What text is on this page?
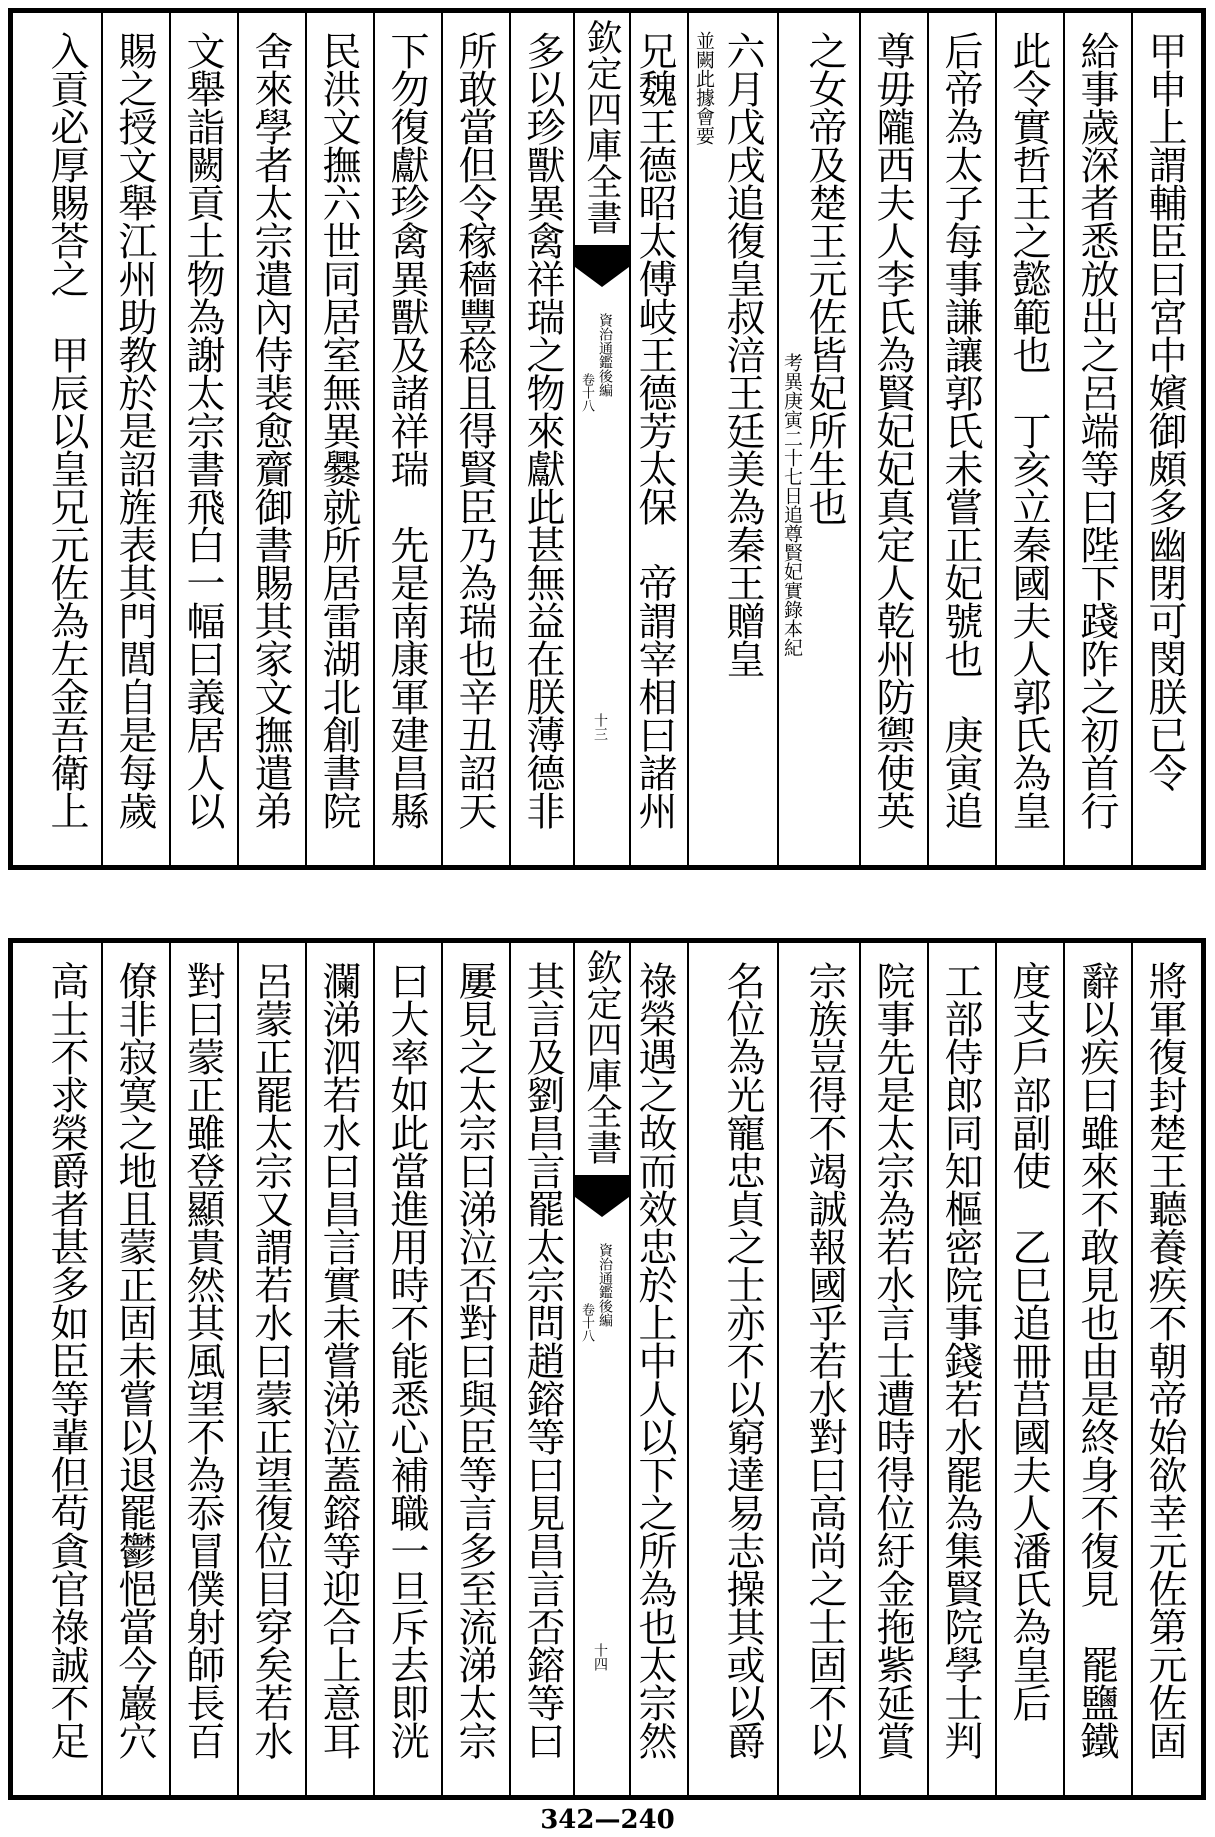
甲申上謂輔臣曰宮中嬪御頗多幽閉可閔朕已令
給事歲深者悉放出之呂端等曰陛下踐阼之初首行
此令實哲王之懿範也　丁亥立秦國夫人郭氏為皇
后帝為太子每事謙讓郭氏未嘗正妃號也　庚寅追
尊毋隴西夫人李氏為賢妃妃真定人乾州防禦使英
之女帝及楚王元佐皆妃所生也
考異庚寅二十七日追尊賢妃實錄本紀
六月戊戌追復皇叔涪王廷美為秦王贈皇
並闕此據會要
兄魏王德昭太傅岐王德芳太保　帝謂宰相曰諸州
欽定四庫全書
資治通鑑後編
卷十八
十三
多以珍獸異禽祥瑞之物來獻此甚無益在朕薄德非
所敢當但令稼穡豐稔且得賢臣乃為瑞也辛丑詔天
下勿復獻珍禽異獸及諸祥瑞　先是南康軍建昌縣
民洪文撫六世同居室無異爨就所居雷湖北創書院
舍來學者太宗遣內侍裴愈齎御書賜其家文撫遣弟
文舉詣闕貢土物為謝太宗書飛白一幅曰義居人以
賜之授文舉江州助教於是詔旌表其門閭自是每歲
入貢必厚賜荅之　甲辰以皇兄元佐為左金吾衛上
將軍復封楚王聽養疾不朝帝始欲幸元佐第元佐固
辭以疾曰雖來不敢見也由是終身不復見　罷鹽鐵
度支戶部副使　乙巳追冊莒國夫人潘氏為皇后
工部侍郎同知樞密院事錢若水罷為集賢院學士判
院事先是太宗為若水言士遭時得位紆金拖紫延賞
宗族豈得不竭誠報國乎若水對曰高尚之士固不以
名位為光寵忠貞之士亦不以窮達易志操其或以爵
祿榮遇之故而效忠於上中人以下之所為也太宗然
欽定四庫全書
資治通鑑後編
卷十八
十四
其言及劉昌言罷太宗問趙鎔等曰見昌言否鎔等曰
屢見之太宗曰涕泣否對曰與臣等言多至流涕太宗
曰大率如此當進用時不能悉心補職一旦斥去即洸
瀾涕泗若水曰昌言實未嘗涕泣蓋鎔等迎合上意耳
呂蒙正罷太宗又謂若水曰蒙正望復位目穿矣若水
對曰蒙正雖登顯貴然其風望不為忝冒僕射師長百
僚非寂寞之地且蒙正固未嘗以退罷鬱悒當今巖穴
高士不求榮爵者甚多如臣等輩但苟貪官祿誠不足
342—240
